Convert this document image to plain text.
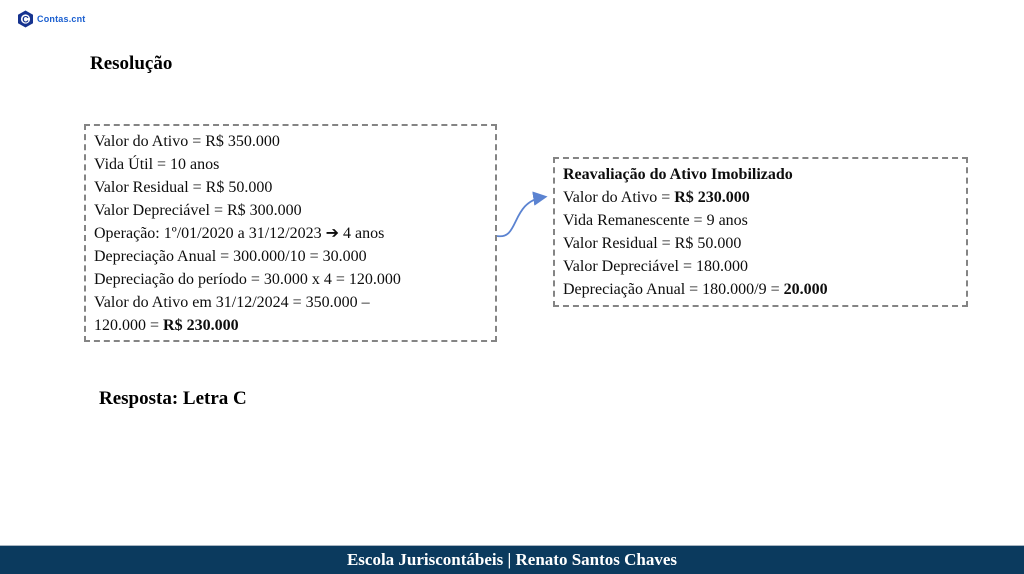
C Contas.cnt
Resolução

Valor do Ativo = R$ 350.000

Vida Útil = 10 anos

Valor Residual = R$ 50.000

Valor Depreciável = R$ 300.000

Operação: 1º/01/2020 a 31/12/2023 ➔ 4 anos

Depreciação Anual = 300.000/10 = 30.000

Depreciação do período = 30.000 x 4 = 120.000

Valor do Ativo em 31/12/2024 = 350.000 –

120.000 = R$ 230.000

Reavaliação do Ativo Imobilizado

Valor do Ativo = R$ 230.000

Vida Remanescente = 9 anos

Valor Residual = R$ 50.000

Valor Depreciável = 180.000

Depreciação Anual = 180.000/9 = 20.000

Resposta: Letra C

Escola Juriscontábeis | Renato Santos Chaves
